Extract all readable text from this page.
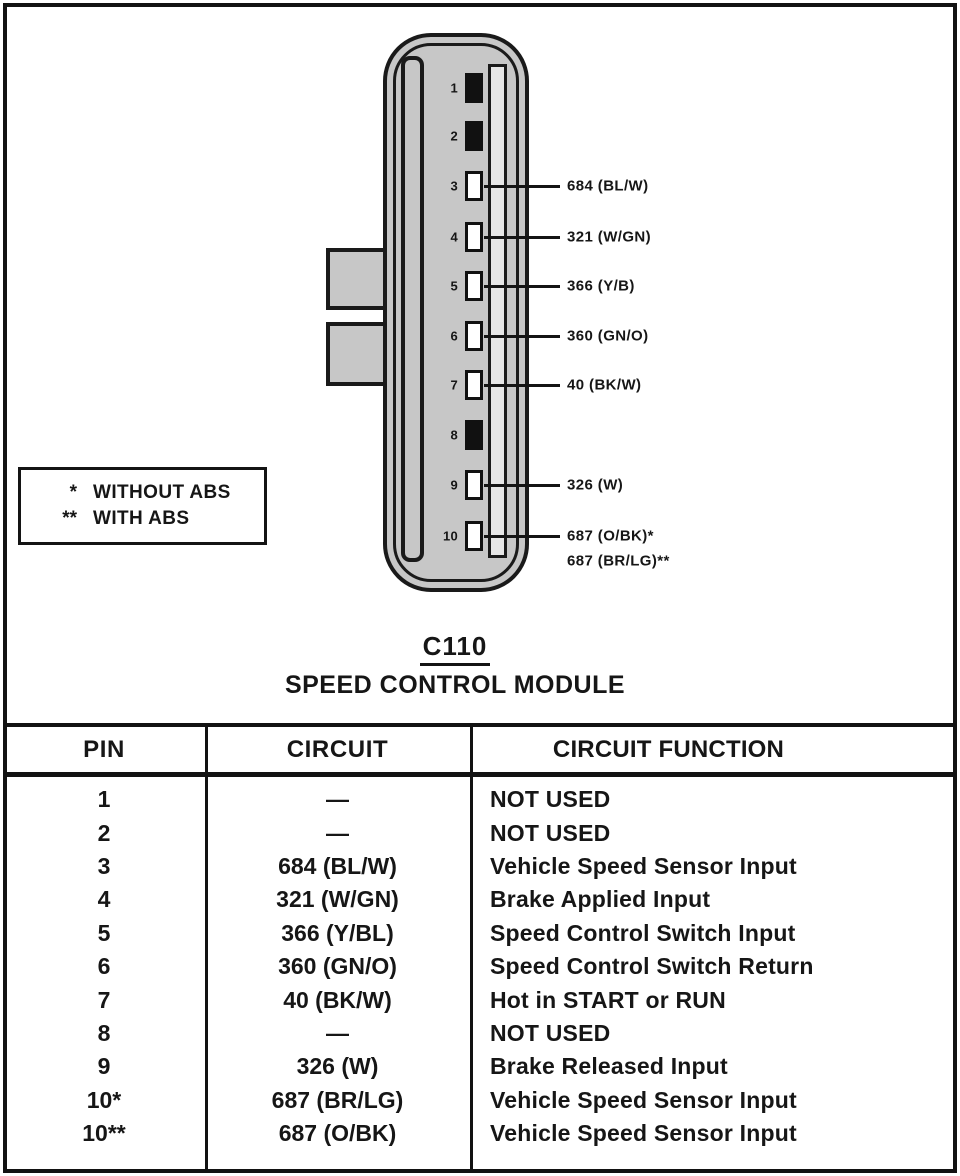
1
2
3
4
5
6
7
8
9
10
684 (BL/W)
321 (W/GN)
366 (Y/B)
360 (GN/O)
40 (BK/W)
326 (W)
687 (O/BK)*
687 (BR/LG)**
* WITHOUT ABS
** WITH ABS
C110
SPEED CONTROL MODULE
PIN	CIRCUIT	CIRCUIT FUNCTION
1	—	NOT USED
2	—	NOT USED
3	684 (BL/W)	Vehicle Speed Sensor Input
4	321 (W/GN)	Brake Applied Input
5	366 (Y/BL)	Speed Control Switch Input
6	360 (GN/O)	Speed Control Switch Return
7	40 (BK/W)	Hot in START or RUN
8	—	NOT USED
9	326 (W)	Brake Released Input
10*	687 (BR/LG)	Vehicle Speed Sensor Input
10**	687 (O/BK)	Vehicle Speed Sensor Input
